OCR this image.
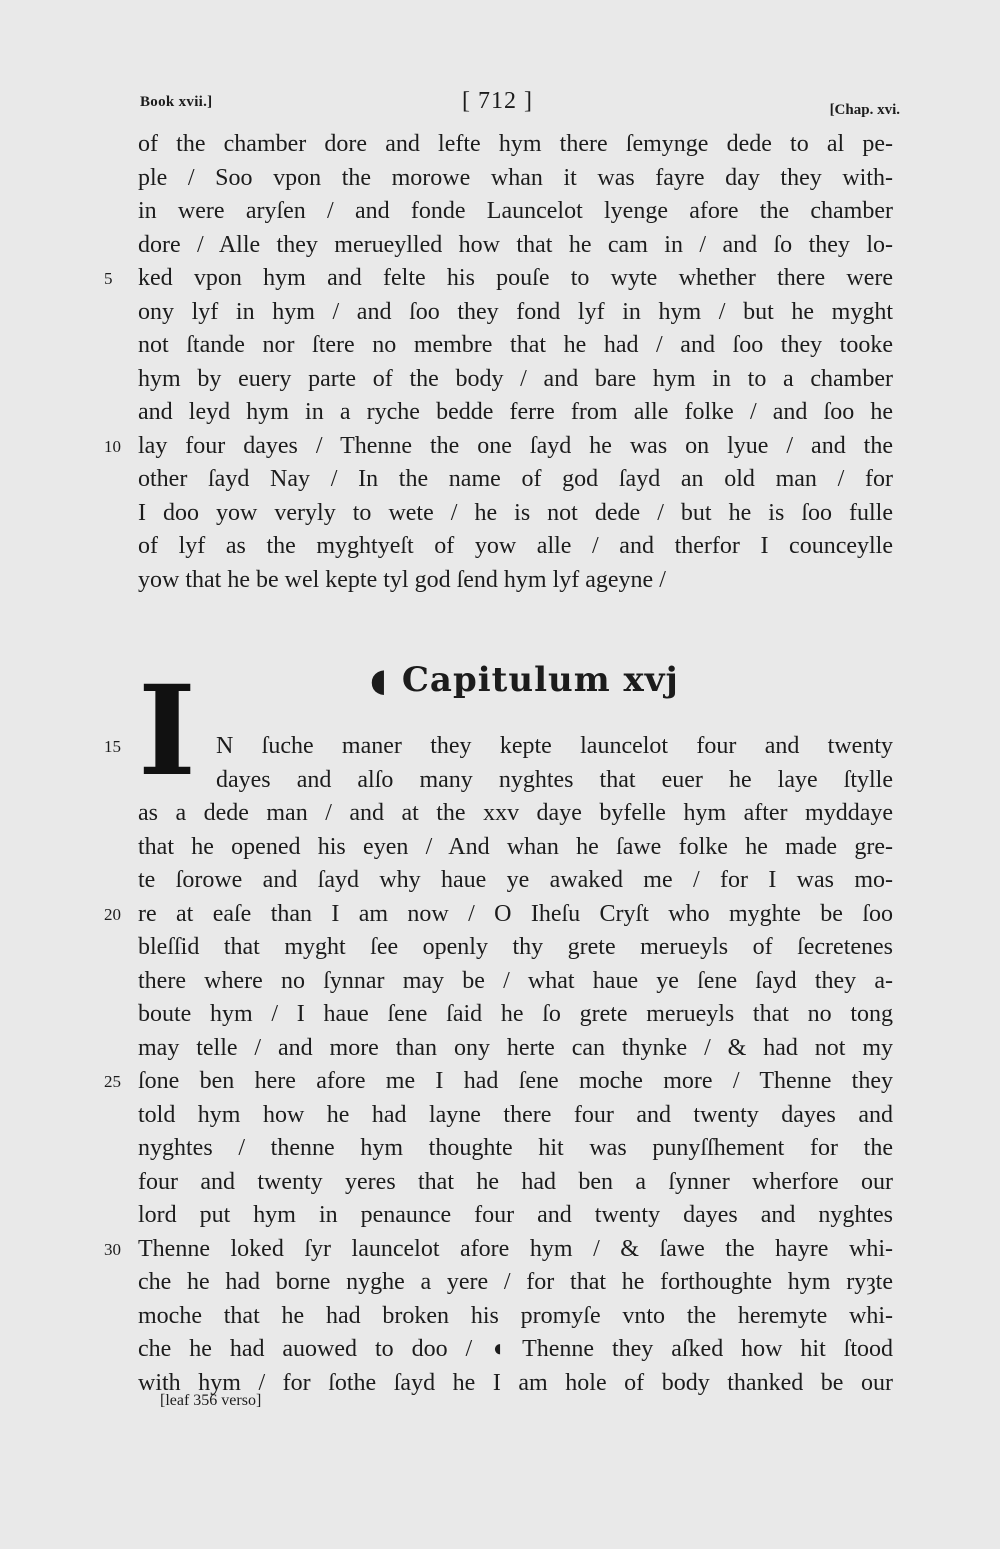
Book xvii.]	[ 712 ]	[Chap. xvi.
of the chamber dore and lefte hym there ſemynge dede to al pe-
ple / Soo vpon the morowe whan it was fayre day they with-
in were aryſen / and fonde Launcelot lyenge afore the chamber
dore / Alle they merueylled how that he cam in / and ſo they lo-
5	ked vpon hym and felte his pouſe to wyte whether there were
ony lyf in hym / and ſoo they fond lyf in hym / but he myght
not ſtande nor ſtere no membre that he had / and ſoo they tooke
hym by euery parte of the body / and bare hym in to a chamber
and leyd hym in a ryche bedde ferre from alle folke / and ſoo he
10 lay four dayes / Thenne the one ſayd he was on lyue / and the
other ſayd Nay / In the name of god ſayd an old man / for
I doo yow veryly to wete / he is not dede / but he is ſoo fulle
of lyf as the myghtyeſt of yow alle / and therfor I counceylle
yow that he be wel kepte tyl god ſend hym lyf ageyne /
◖ Capitulum xvj
I
15	N ſuche maner they kepte launcelot four and twenty
dayes and alſo many nyghtes that euer he laye ſtylle
as a dede man / and at the xxv daye byfelle hym after myddaye
that he opened his eyen / And whan he ſawe folke he made gre-
te ſorowe and ſayd why haue ye awaked me / for I was mo-
20 re at eaſe than I am now / O Iheſu Cryſt who myghte be ſoo
bleſſid that myght ſee openly thy grete merueyls of ſecretenes
there where no ſynnar may be / what haue ye ſene ſayd they a-
boute hym / I haue ſene ſaid he ſo grete merueyls that no tong
may telle / and more than ony herte can thynke / & had not my
25 ſone ben here afore me I had ſene moche more / Thenne they
told hym how he had layne there four and twenty dayes and
nyghtes / thenne hym thoughte hit was punyſſhement for the
four and twenty yeres that he had ben a ſynner wherfore our
lord put hym in penaunce four and twenty dayes and nyghtes
30 Thenne loked ſyr launcelot afore hym / & ſawe the hayre whi-
che he had borne nyghe a yere / for that he forthoughte hym ryȝte
moche that he had broken his promyſe vnto the heremyte whi-
che he had auowed to doo / ◖ Thenne they aſked how hit ſtood
with hym / for ſothe ſayd he I am hole of body thanked be our
[leaf 356 verso]
